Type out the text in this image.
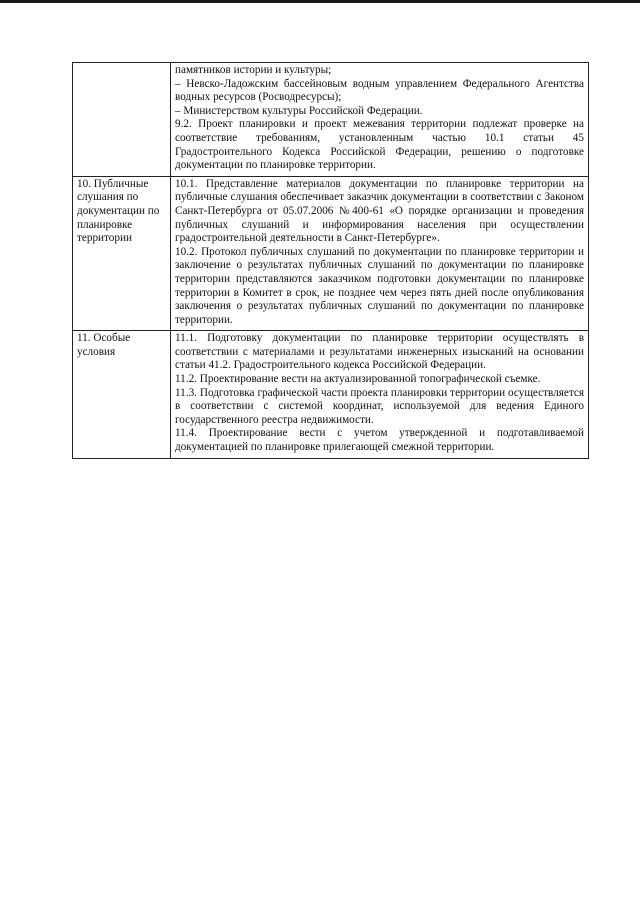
	памятников истории и культуры;
– Невско-Ладожским бассейновым водным управлением Федерального Агентства водных ресурсов (Росводресурсы);
– Министерством культуры Российской Федерации.
9.2. Проект планировки и проект межевания территории подлежат проверке на соответствие требованиям, установленным частью 10.1 статьи 45 Градостроительного Кодекса Российской Федерации, решению о подготовке документации по планировке территории.

10. Публичные слушания по документации по планировке территории	10.1. Представление материалов документации по планировке территории на публичные слушания обеспечивает заказчик документации в соответствии с Законом Санкт-Петербурга от 05.07.2006 №400-61 «О порядке организации и проведения публичных слушаний и информирования населения при осуществлении градостроительной деятельности в Санкт-Петербурге».
10.2. Протокол публичных слушаний по документации по планировке территории и заключение о результатах публичных слушаний по документации по планировке территории представляются заказчиком подготовки документации по планировке территории в Комитет в срок, не позднее чем через пять дней после опубликования заключения о результатах публичных слушаний по документации по планировке территории.

11. Особые условия	11.1. Подготовку документации по планировке территории осуществлять в соответствии с материалами и результатами инженерных изысканий на основании статьи 41.2. Градостроительного кодекса Российской Федерации.
11.2. Проектирование вести на актуализированной топографической съемке.
11.3. Подготовка графической части проекта планировки территории осуществляется в соответствии с системой координат, используемой для ведения Единого государственного реестра недвижимости.
11.4. Проектирование вести с учетом утвержденной и подготавливаемой документацией по планировке прилегающей смежной территории.
